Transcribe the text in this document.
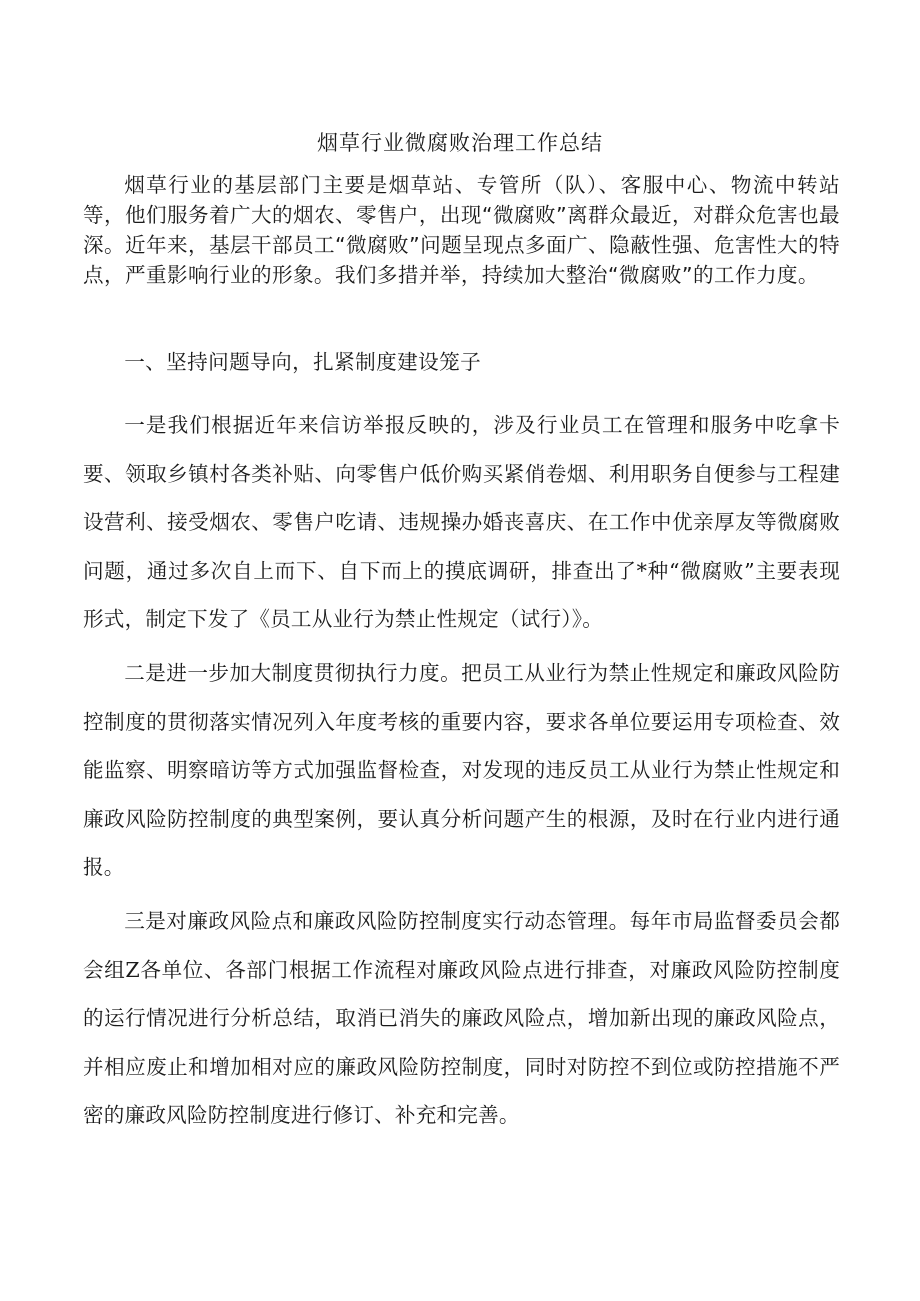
烟草行业微腐败治理工作总结

烟草行业的基层部门主要是烟草站、专管所（队）、客服中心、物流中转站等，他们服务着广大的烟农、零售户，出现“微腐败”离群众最近，对群众危害也最深。近年来，基层干部员工“微腐败”问题呈现点多面广、隐蔽性强、危害性大的特点，严重影响行业的形象。我们多措并举，持续加大整治“微腐败”的工作力度。

一、坚持问题导向，扎紧制度建设笼子

一是我们根据近年来信访举报反映的，涉及行业员工在管理和服务中吃拿卡要、领取乡镇村各类补贴、向零售户低价购买紧俏卷烟、利用职务自便参与工程建设营利、接受烟农、零售户吃请、违规操办婚丧喜庆、在工作中优亲厚友等微腐败问题，通过多次自上而下、自下而上的摸底调研，排查出了*种“微腐败”主要表现形式，制定下发了《员工从业行为禁止性规定（试行）》。

二是进一步加大制度贯彻执行力度。把员工从业行为禁止性规定和廉政风险防控制度的贯彻落实情况列入年度考核的重要内容，要求各单位要运用专项检查、效能监察、明察暗访等方式加强监督检查，对发现的违反员工从业行为禁止性规定和廉政风险防控制度的典型案例，要认真分析问题产生的根源，及时在行业内进行通报。

三是对廉政风险点和廉政风险防控制度实行动态管理。每年市局监督委员会都会组Z各单位、各部门根据工作流程对廉政风险点进行排查，对廉政风险防控制度的运行情况进行分析总结，取消已消失的廉政风险点，增加新出现的廉政风险点，并相应废止和增加相对应的廉政风险防控制度，同时对防控不到位或防控措施不严密的廉政风险防控制度进行修订、补充和完善。
